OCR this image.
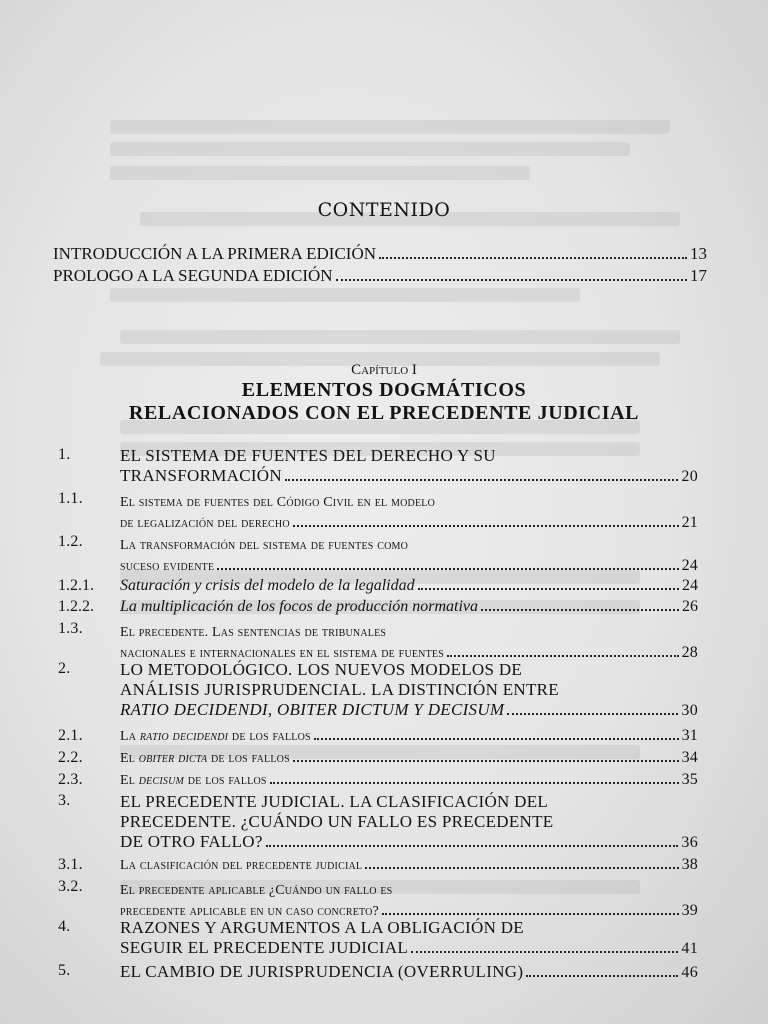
CONTENIDO
INTRODUCCIÓN A LA PRIMERA EDICIÓN	13
PROLOGO A LA SEGUNDA EDICIÓN	17
Capítulo I
ELEMENTOS DOGMÁTICOS
RELACIONADOS CON EL PRECEDENTE JUDICIAL
1.	EL SISTEMA DE FUENTES DEL DERECHO Y SU
TRANSFORMACIÓN	20
1.1.	El sistema de fuentes del Código Civil en el modelo
de legalización del derecho	21
1.2.	La transformación del sistema de fuentes como
suceso evidente	24
1.2.1. Saturación y crisis del modelo de la legalidad	24
1.2.2. La multiplicación de los focos de producción normativa	26
1.3.	El precedente. Las sentencias de tribunales
nacionales e internacionales en el sistema de fuentes	28
2.	LO METODOLÓGICO. LOS NUEVOS MODELOS DE
ANÁLISIS JURISPRUDENCIAL. LA DISTINCIÓN ENTRE
RATIO DECIDENDI, OBITER DICTUM Y DECISUM	30
2.1.	La ratio decidendi de los fallos	31
2.2.	El obiter dicta de los fallos	34
2.3.	El decisum de los fallos	35
3.	EL PRECEDENTE JUDICIAL. LA CLASIFICACIÓN DEL
PRECEDENTE. ¿CUÁNDO UN FALLO ES PRECEDENTE
DE OTRO FALLO?	36
3.1.	La clasificación del precedente judicial	38
3.2.	El precedente aplicable ¿Cuándo un fallo es
precedente aplicable en un caso concreto?	39
4.	RAZONES Y ARGUMENTOS A LA OBLIGACIÓN DE
SEGUIR EL PRECEDENTE JUDICIAL	41
5.	EL CAMBIO DE JURISPRUDENCIA (OVERRULING)	46
